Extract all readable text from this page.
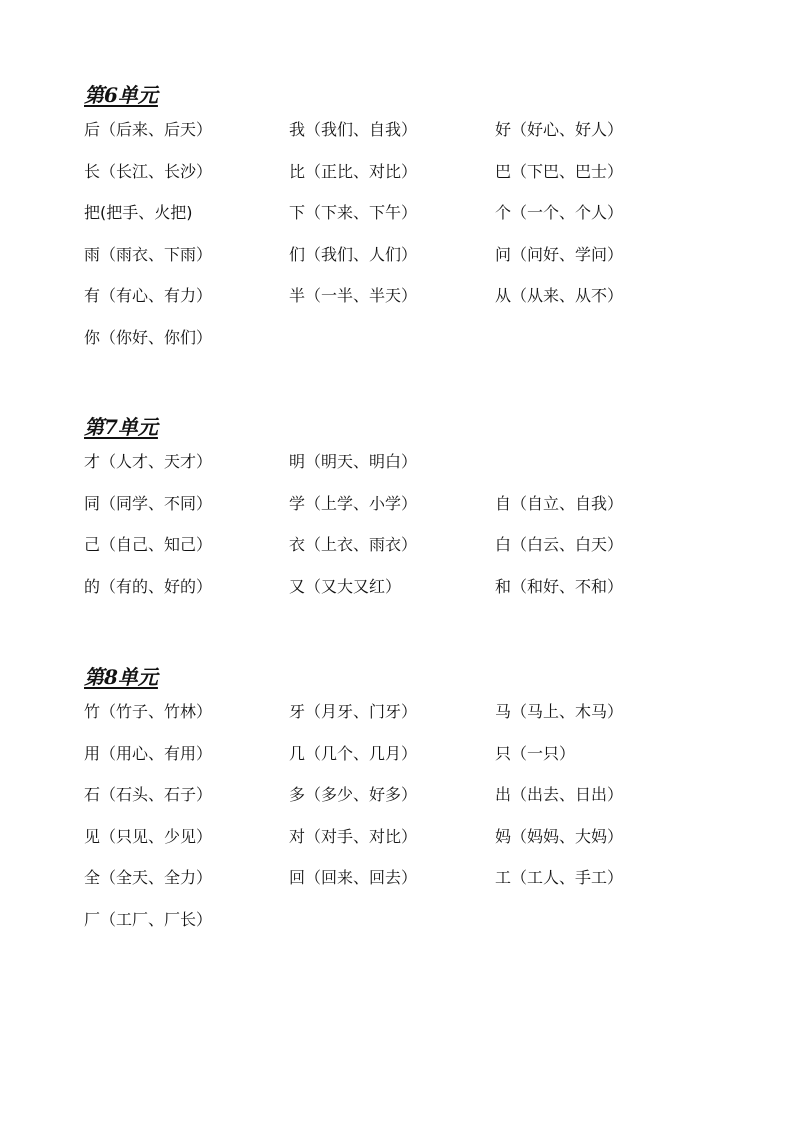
第6单元
后（后来、后天）	我（我们、自我）	好（好心、好人）
长（长江、长沙）	比（正比、对比）	巴（下巴、巴士）
把(把手、火把)	下（下来、下午）	个（一个、个人）
雨（雨衣、下雨）	们（我们、人们）	问（问好、学问）
有（有心、有力）	半（一半、半天）	从（从来、从不）
你（你好、你们）
第7单元
才（人才、天才）	明（明天、明白）
同（同学、不同）	学（上学、小学）	自（自立、自我）
己（自己、知己）	衣（上衣、雨衣）	白（白云、白天）
的（有的、好的）	又（又大又红）	和（和好、不和）
第8单元
竹（竹子、竹林）	牙（月牙、门牙）	马（马上、木马）
用（用心、有用）	几（几个、几月）	只（一只）
石（石头、石子）	多（多少、好多）	出（出去、日出）
见（只见、少见）	对（对手、对比）	妈（妈妈、大妈）
全（全天、全力）	回（回来、回去）	工（工人、手工）
厂（工厂、厂长）
